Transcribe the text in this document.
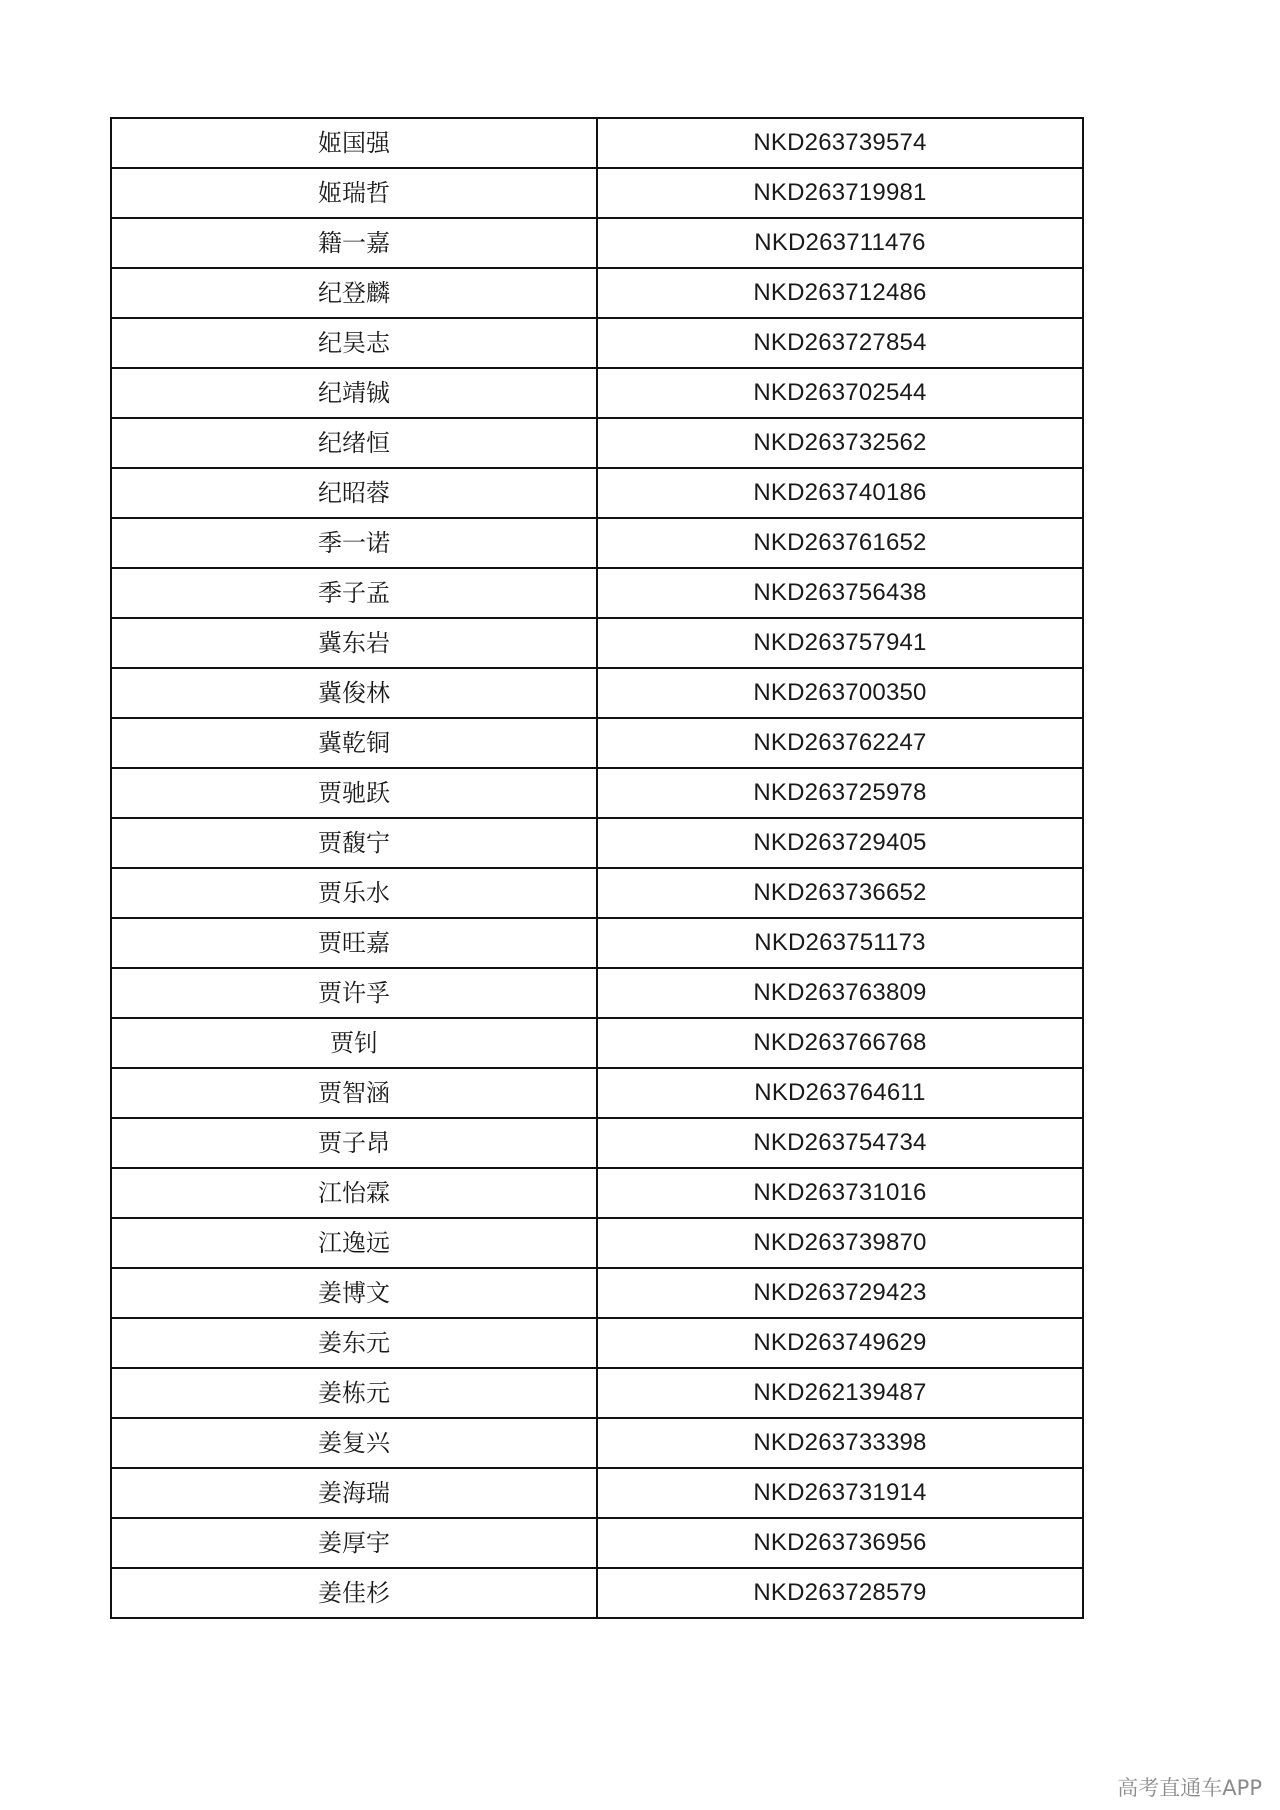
姬国强	NKD263739574
姬瑞哲	NKD263719981
籍一嘉	NKD263711476
纪登麟	NKD263712486
纪昊志	NKD263727854
纪靖铖	NKD263702544
纪绪恒	NKD263732562
纪昭蓉	NKD263740186
季一诺	NKD263761652
季子孟	NKD263756438
冀东岩	NKD263757941
冀俊林	NKD263700350
冀乾铜	NKD263762247
贾驰跃	NKD263725978
贾馥宁	NKD263729405
贾乐水	NKD263736652
贾旺嘉	NKD263751173
贾许孚	NKD263763809
贾钊	NKD263766768
贾智涵	NKD263764611
贾子昂	NKD263754734
江怡霖	NKD263731016
江逸远	NKD263739870
姜博文	NKD263729423
姜东元	NKD263749629
姜栋元	NKD262139487
姜复兴	NKD263733398
姜海瑞	NKD263731914
姜厚宇	NKD263736956
姜佳杉	NKD263728579
高考直通车APP
